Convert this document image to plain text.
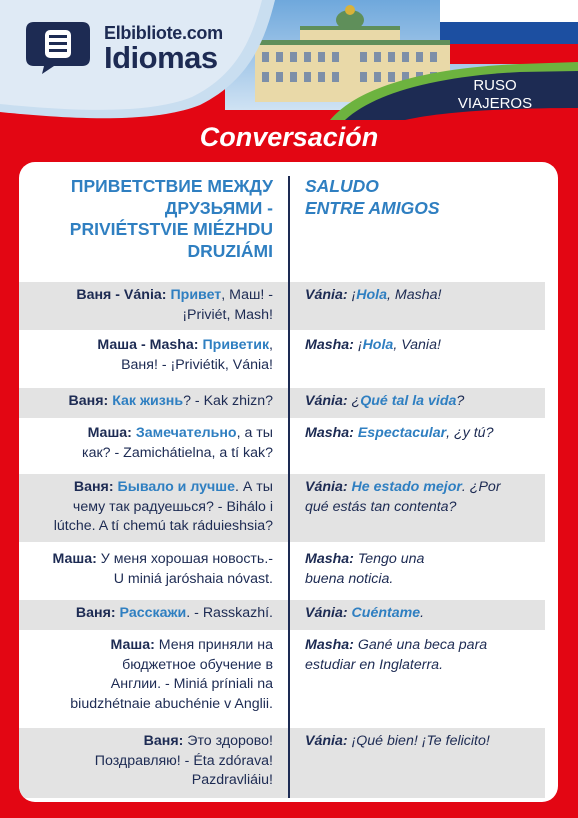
Elbibliote.com
Idiomas
RUSO
VIAJEROS
Conversación
ПРИВЕТСТВИЕ МЕЖДУ
ДРУЗЬЯМИ -
PRIVIÉTSTVIE MIÉZHDU
DRUZIÁMI
SALUDO
ENTRE AMIGOS
Ваня - Vánia: Привет, Маш! -
¡Priviét, Mash!
Vánia: ¡Hola, Masha!
Маша - Masha: Приветик,
Ваня! - ¡Priviétik, Vánia!
Masha: ¡Hola, Vania!
Ваня: Как жизнь? - Kak zhizn? Vánia: ¿Qué tal la vida?
Маша: Замечательно, а ты
как? - Zamichátielna, a tí kak?
Masha: Espectacular, ¿y tú?
Ваня: Бывало и лучше. А ты
чему так радуешься? - Bihálo i
lútche. A tí chemú tak ráduieshsia?
Vánia: He estado mejor. ¿Por
qué estás tan contenta?
Маша: У меня хорошая новость.-
U miniá jaróshaia nóvast.
Masha: Tengo una
buena noticia.
Ваня: Расскажи. - Rasskazhí. Vánia: Cuéntame.
Маша: Меня приняли на
бюджетное обучение в
Англии. - Miniá príniali na
biudzhétnaie abuchénie v Anglii.
Masha: Gané una beca para
estudiar en Inglaterra.
Ваня: Это здорово!
Поздравляю! - Éta zdórava!
Pazdravliáiu!
Vánia: ¡Qué bien! ¡Te felicito!
